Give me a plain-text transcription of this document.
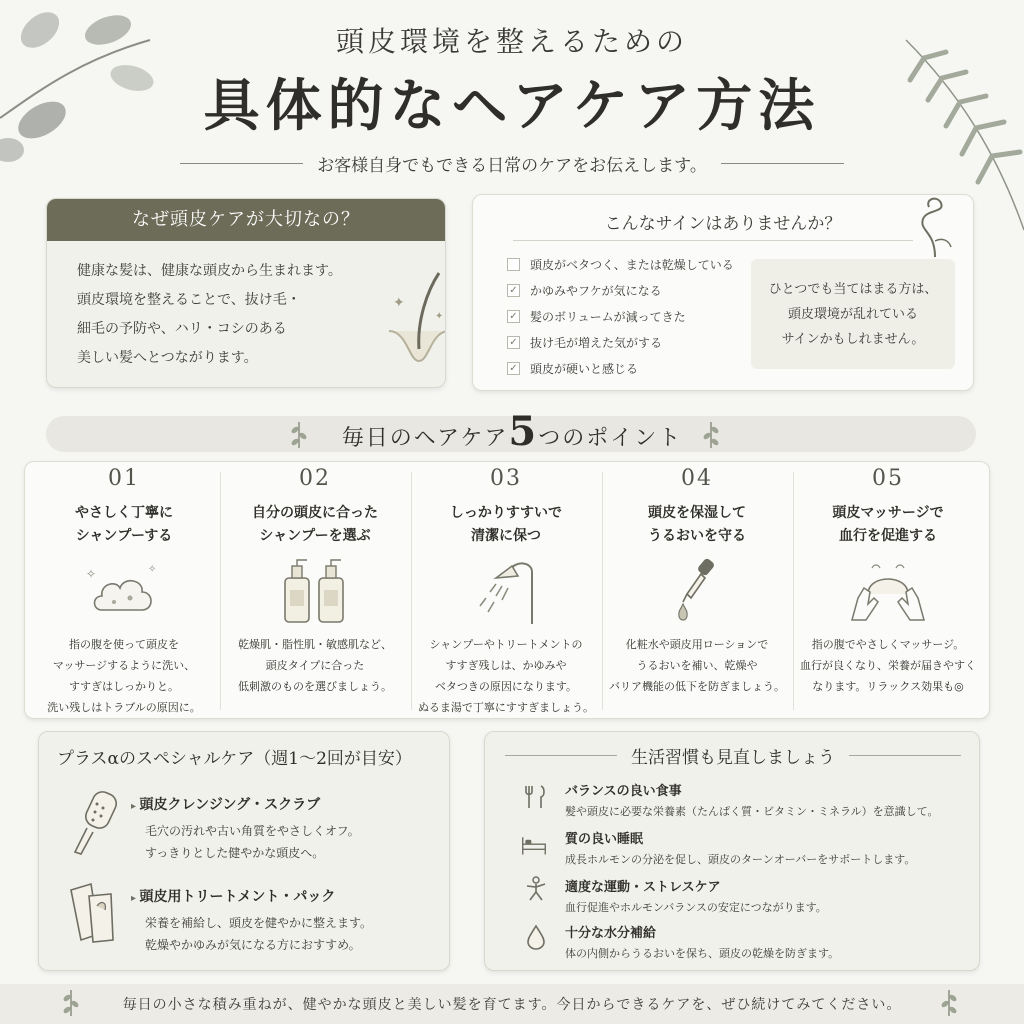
頭皮環境を整えるための
具体的なヘアケア方法
お客様自身でもできる日常のケアをお伝えします。
なぜ頭皮ケアが大切なの？

健康な髪は、健康な頭皮から生まれます。

頭皮環境を整えることで、抜け毛・

細毛の予防や、ハリ・コシのある

美しい髪へとつながります。

✦
✦
こんなサインはありませんか？
頭皮がベタつく、または乾燥している
✓ かゆみやフケが気になる
✓ 髪のボリュームが減ってきた
✓ 抜け毛が増えた気がする
✓ 頭皮が硬いと感じる

ひとつでも当てはまる方は、

頭皮環境が乱れている

サインかもしれません。

毎日のヘアケア5つのポイント
01
やさしく丁寧に
シャンプーする
✧	✧
指の腹を使って頭皮を
マッサージするように洗い、
すすぎはしっかりと。
洗い残しはトラブルの原因に。
02
自分の頭皮に合った
シャンプーを選ぶ
乾燥肌・脂性肌・敏感肌など、
頭皮タイプに合った
低刺激のものを選びましょう。
03
しっかりすすいで
清潔に保つ
シャンプーやトリートメントの
すすぎ残しは、かゆみや
ベタつきの原因になります。
ぬるま湯で丁寧にすすぎましょう。
04
頭皮を保湿して
うるおいを守る
化粧水や頭皮用ローションで
うるおいを補い、乾燥や
バリア機能の低下を防ぎましょう。
05
頭皮マッサージで
血行を促進する
指の腹でやさしくマッサージ。
血行が良くなり、栄養が届きやすく
なります。リラックス効果も◎
プラスαのスペシャルケア（週1〜2回が目安）
▸ 頭皮クレンジング・スクラブ
毛穴の汚れや古い角質をやさしくオフ。
すっきりとした健やかな頭皮へ。
▸ 頭皮用トリートメント・パック
栄養を補給し、頭皮を健やかに整えます。
乾燥やかゆみが気になる方におすすめ。
生活習慣も見直しましょう
バランスの良い食事
髪や頭皮に必要な栄養素（たんぱく質・ビタミン・ミネラル）を意識して。
質の良い睡眠
成長ホルモンの分泌を促し、頭皮のターンオーバーをサポートします。
適度な運動・ストレスケア
血行促進やホルモンバランスの安定につながります。
十分な水分補給
体の内側からうるおいを保ち、頭皮の乾燥を防ぎます。
毎日の小さな積み重ねが、健やかな頭皮と美しい髪を育てます。今日からできるケアを、ぜひ続けてみてください。
